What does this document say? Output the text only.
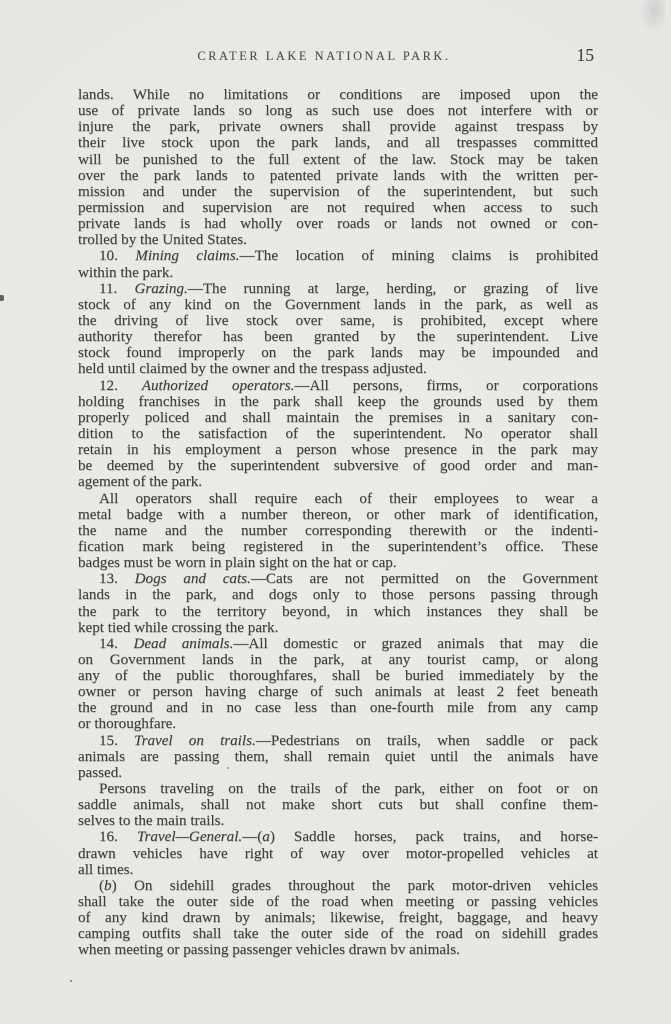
CRATER LAKE NATIONAL PARK.	15
lands. While no limitations or conditions are imposed upon the
use of private lands so long as such use does not interfere with or
injure the park, private owners shall provide against trespass by
their live stock upon the park lands, and all trespasses committed
will be punished to the full extent of the law. Stock may be taken
over the park lands to patented private lands with the written per-
mission and under the supervision of the superintendent, but such
permission and supervision are not required when access to such
private lands is had wholly over roads or lands not owned or con-
trolled by the United States.
10. Mining claims.—The location of mining claims is prohibited
within the park.
11. Grazing.—The running at large, herding, or grazing of live
stock of any kind on the Government lands in the park, as well as
the driving of live stock over same, is prohibited, except where
authority therefor has been granted by the superintendent. Live
stock found improperly on the park lands may be impounded and
held until claimed by the owner and the trespass adjusted.
12. Authorized operators.—All persons, firms, or corporations
holding franchises in the park shall keep the grounds used by them
properly policed and shall maintain the premises in a sanitary con-
dition to the satisfaction of the superintendent. No operator shall
retain in his employment a person whose presence in the park may
be deemed by the superintendent subversive of good order and man-
agement of the park.
All operators shall require each of their employees to wear a
metal badge with a number thereon, or other mark of identification,
the name and the number corresponding therewith or the indenti-
fication mark being registered in the superintendent’s office. These
badges must be worn in plain sight on the hat or cap.
13. Dogs and cats.—Cats are not permitted on the Government
lands in the park, and dogs only to those persons passing through
the park to the territory beyond, in which instances they shall be
kept tied while crossing the park.
14. Dead animals.—All domestic or grazed animals that may die
on Government lands in the park, at any tourist camp, or along
any of the public thoroughfares, shall be buried immediately by the
owner or person having charge of such animals at least 2 feet beneath
the ground and in no case less than one-fourth mile from any camp
or thoroughfare.
15. Travel on trails.—Pedestrians on trails, when saddle or pack
animals are passing them, shall remain quiet until the animals have
passed.
Persons traveling on the trails of the park, either on foot or on
saddle animals, shall not make short cuts but shall confine them-
selves to the main trails.
16. Travel—General.—(a) Saddle horses, pack trains, and horse-
drawn vehicles have right of way over motor-propelled vehicles at
all times.
(b) On sidehill grades throughout the park motor-driven vehicles
shall take the outer side of the road when meeting or passing vehicles
of any kind drawn by animals; likewise, freight, baggage, and heavy
camping outfits shall take the outer side of the road on sidehill grades
when meeting or passing passenger vehicles drawn bv animals.
